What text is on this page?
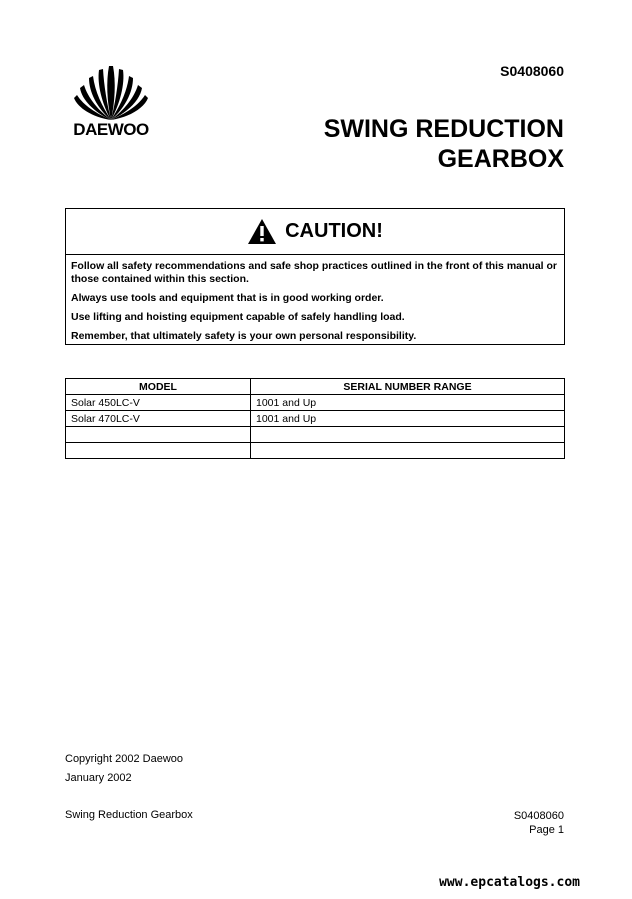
DAEWOO
S0408060
SWING REDUCTION
GEARBOX
CAUTION!

Follow all safety recommendations and safe shop practices outlined in the front of this manual or those contained within this section.

Always use tools and equipment that is in good working order.

Use lifting and hoisting equipment capable of safely handling load.

Remember, that ultimately safety is your own personal responsibility.

MODEL	SERIAL NUMBER RANGE
Solar 450LC-V	1001 and Up
Solar 470LC-V	1001 and Up

Copyright 2002 Daewoo
January 2002
Swing Reduction Gearbox	S0408060
Page 1
www.epcatalogs.com
